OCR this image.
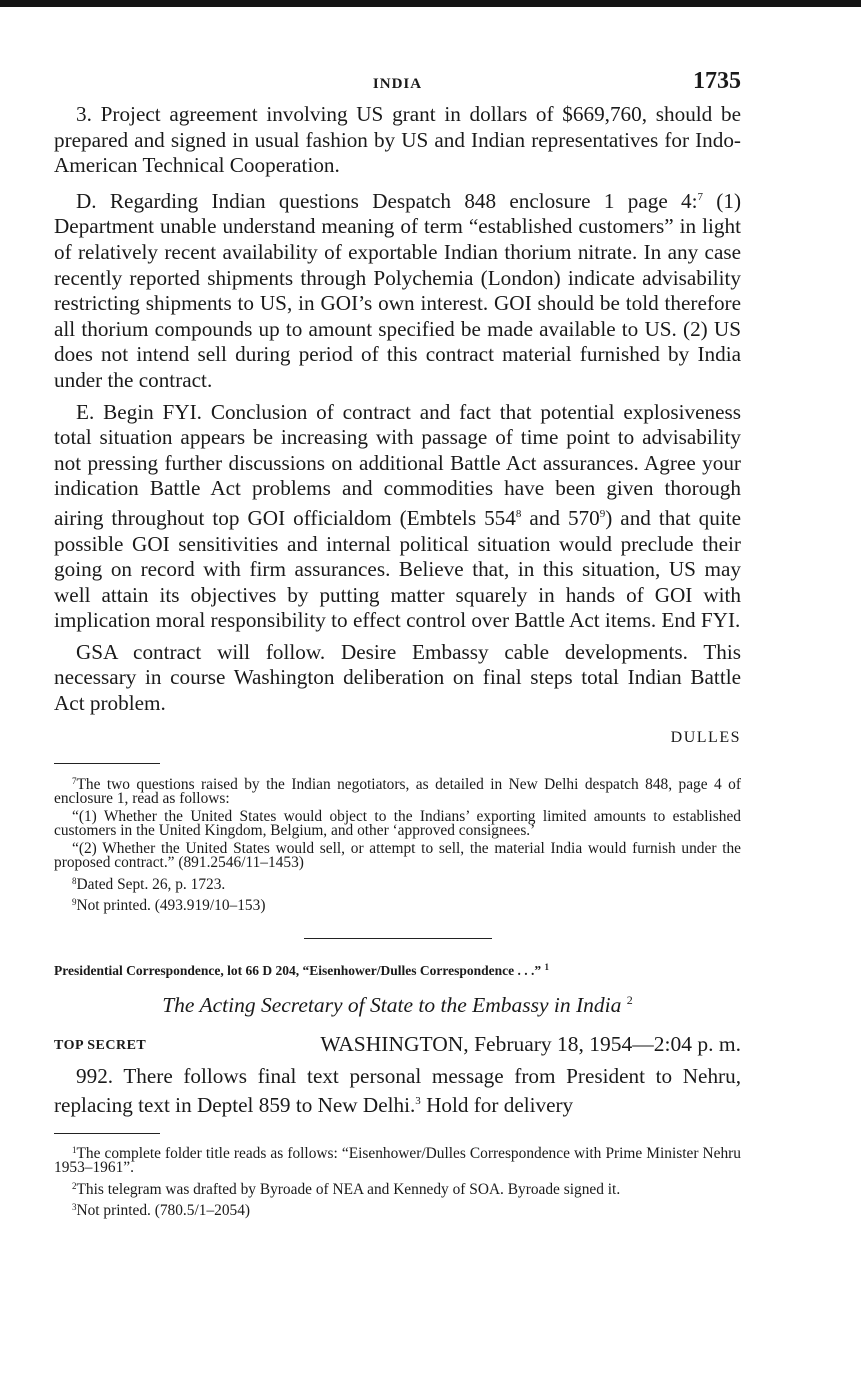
INDIA	1735

3. Project agreement involving US grant in dollars of $669,760, should be prepared and signed in usual fashion by US and Indian representatives for Indo-American Technical Cooperation.

D. Regarding Indian questions Despatch 848 enclosure 1 page 4:$^7$ (1) Department unable understand meaning of term “established customers” in light of relatively recent availability of exportable Indian thorium nitrate. In any case recently reported shipments through Polychemia (London) indicate advisability restricting shipments to US, in GOI’s own interest. GOI should be told therefore all thorium compounds up to amount specified be made available to US. (2) US does not intend sell during period of this contract material furnished by India under the contract.

E. Begin FYI. Conclusion of contract and fact that potential explosiveness total situation appears be increasing with passage of time point to advisability not pressing further discussions on additional Battle Act assurances. Agree your indication Battle Act problems and commodities have been given thorough airing throughout top GOI officialdom (Embtels $554^8$ and $570^9$) and that quite possible GOI sensitivities and internal political situation would preclude their going on record with firm assurances. Believe that, in this situation, US may well attain its objectives by putting matter squarely in hands of GOI with implication moral responsibility to effect control over Battle Act items. End FYI.

GSA contract will follow. Desire Embassy cable developments. This necessary in course Washington deliberation on final steps total Indian Battle Act problem.

DULLES

$^7$The two questions raised by the Indian negotiators, as detailed in New Delhi despatch 848, page 4 of enclosure 1, read as follows:

“(1) Whether the United States would object to the Indians’ exporting limited amounts to established customers in the United Kingdom, Belgium, and other ‘approved consignees.’

“(2) Whether the United States would sell, or attempt to sell, the material India would furnish under the proposed contract.” (891.2546/11–1453)

$^8$Dated Sept. 26, p. 1723.

$^9$Not printed. (493.919/10–153)

Presidential Correspondence, lot 66 D 204, “Eisenhower/Dulles Correspondence . . .” $^1$
The Acting Secretary of State to the Embassy in India $^2$
TOP SECRET	WASHINGTON, February 18, 1954—2:04 p. m.

992. There follows final text personal message from President to Nehru, replacing text in Deptel 859 to New Delhi.$^3$ Hold for delivery

$^1$The complete folder title reads as follows: “Eisenhower/Dulles Correspondence with Prime Minister Nehru 1953–1961”.

$^2$This telegram was drafted by Byroade of NEA and Kennedy of SOA. Byroade signed it.

$^3$Not printed. (780.5/1–2054)
